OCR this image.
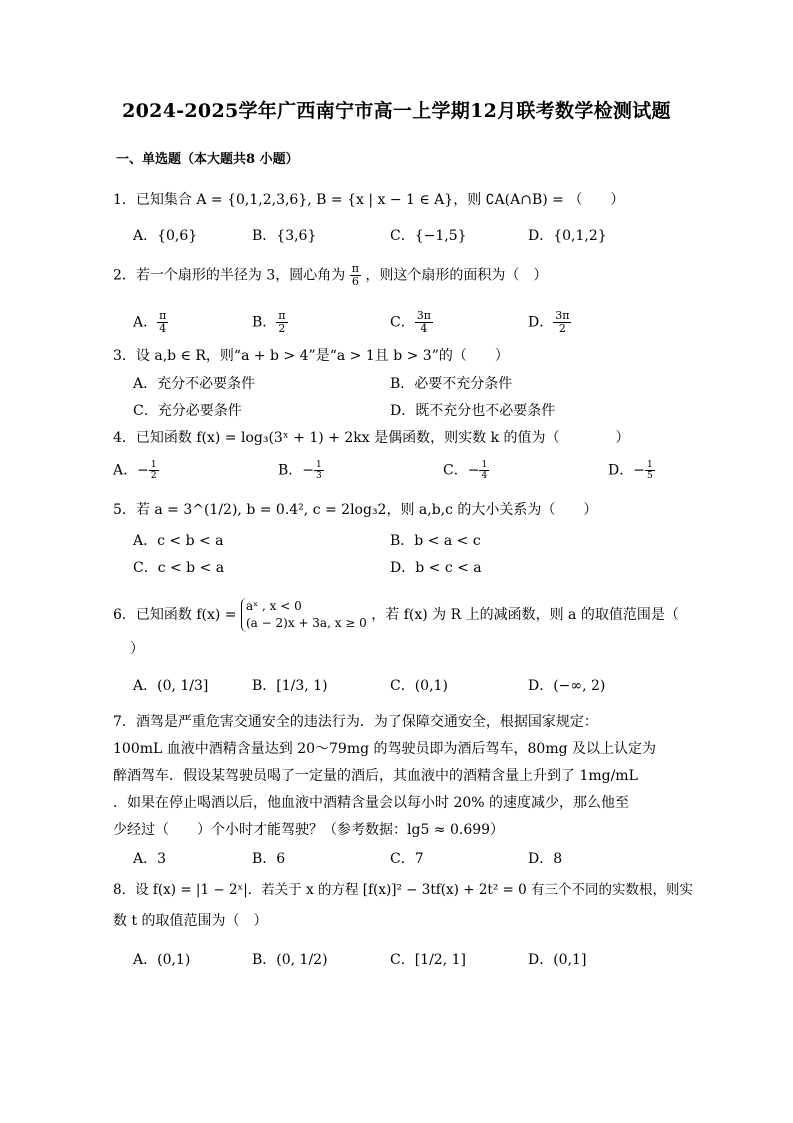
2024-2025学年广西南宁市高一上学期12月联考数学检测试题
一、单选题（本大题共8 小题）
1．已知集合 A = {0,1,2,3,6}, B = {x | x − 1 ∈ A}，则 ∁A(A∩B) = （　　）
A．{0,6}	B．{3,6}	C．{−1,5}	D．{0,1,2}
2．若一个扇形的半径为 3，圆心角为 $\frac{\pi}{6}$ ，则这个扇形的面积为（　）
A． $\frac{\pi}{4}$	B． $\frac{\pi}{2}$	C． $\frac{3\pi}{4}$	D． $\frac{3\pi}{2}$
3．设 a,b ∈ R，则“a + b > 4”是“a > 1且 b > 3”的（　　）
A．充分不必要条件	B．必要不充分条件
C．充分必要条件	D．既不充分也不必要条件
4．已知函数 f(x) = log₃(3ˣ + 1) + 2kx 是偶函数，则实数 k 的值为（　　　　）
A．− $\frac{1}{2}$	B．− $\frac{1}{3}$	C．− $\frac{1}{4}$	D．− $\frac{1}{5}$
5．若 a = 3^(1/2), b = 0.4², c = 2log₃2，则 a,b,c 的大小关系为（　　）
A．c < b < a	B．b < a < c
C．c < b < a	D．b < c < a
6．已知函数 f(x) =
aˣ , x < 0
(a − 2)x + 3a, x ≥ 0 ，若 f(x) 为 R 上的减函数，则 a 的取值范围是（
）
A．(0, 1/3]	B．[1/3, 1)	C．(0,1)	D．(−∞, 2)
7．酒驾是严重危害交通安全的违法行为．为了保障交通安全，根据国家规定：
100mL 血液中酒精含量达到 20～79mg 的驾驶员即为酒后驾车，80mg 及以上认定为
醉酒驾车．假设某驾驶员喝了一定量的酒后，其血液中的酒精含量上升到了 1mg/mL
．如果在停止喝酒以后，他血液中酒精含量会以每小时 20% 的速度减少，那么他至
少经过（　　）个小时才能驾驶？（参考数据：lg5 ≈ 0.699）
A．3	B．6	C．7	D．8
8．设 f(x) = |1 − 2ˣ|．若关于 x 的方程 [f(x)]² − 3tf(x) + 2t² = 0 有三个不同的实数根，则实
数 t 的取值范围为（　）
A．(0,1)	B．(0, 1/2)	C．[1/2, 1]	D．(0,1]
